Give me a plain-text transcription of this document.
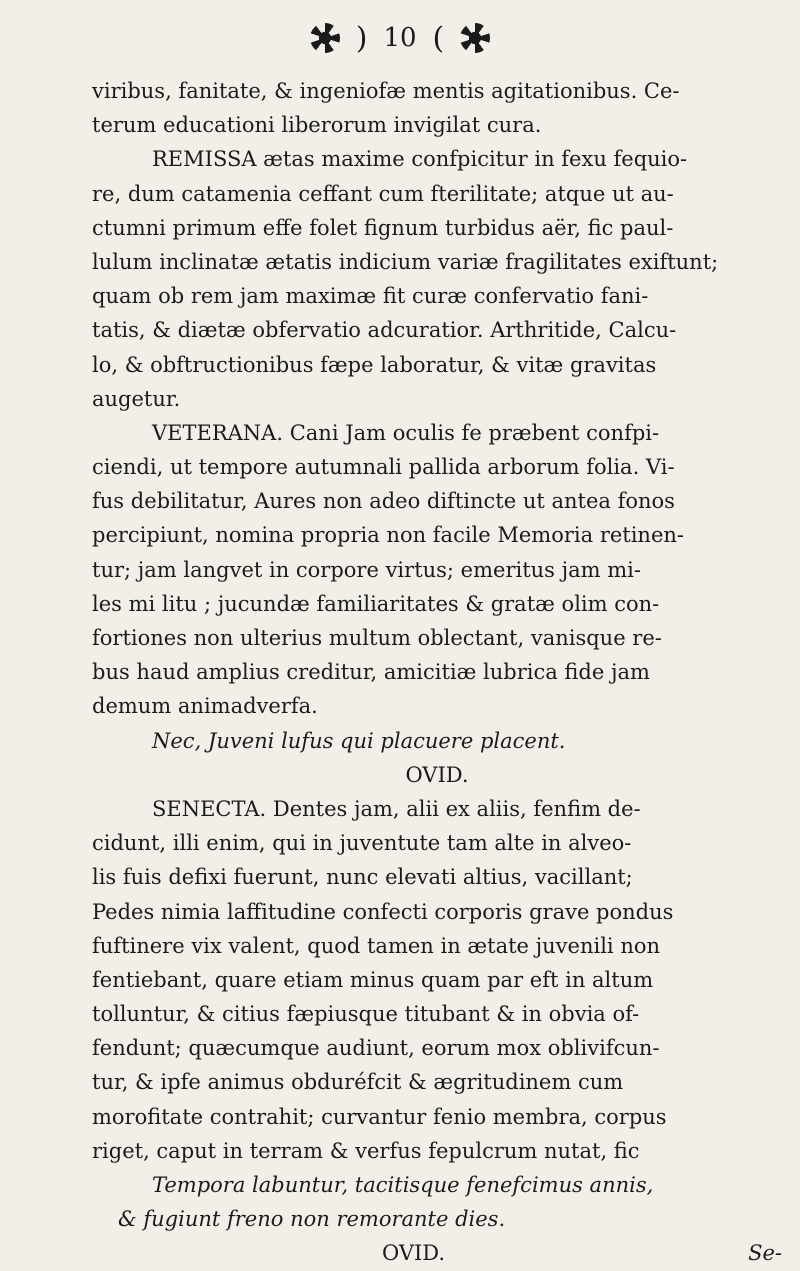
) 10 (
viribus, fanitate, & ingeniofæ mentis agitationibus. Ce-
terum educationi liberorum invigilat cura.
REMISSA ætas maxime confpicitur in fexu fequio-
re, dum catamenia ceffant cum fterilitate; atque ut au-
ctumni primum effe folet fignum turbidus aër, fic paul-
lulum inclinatæ ætatis indicium variæ fragilitates exiftunt;
quam ob rem jam maximæ fit curæ confervatio fani-
tatis, & diætæ obfervatio adcuratior. Arthritide, Calcu-
lo, & obftructionibus fæpe laboratur, & vitæ gravitas
augetur.
VETERANA. Cani Jam oculis fe præbent confpi-
ciendi, ut tempore autumnali pallida arborum folia. Vi-
fus debilitatur, Aures non adeo diftincte ut antea fonos
percipiunt, nomina propria non facile Memoria retinen-
tur; jam langvet in corpore virtus; emeritus jam mi-
les mi litu ; jucundæ familiaritates & gratæ olim con-
fortiones non ulterius multum oblectant, vanisque re-
bus haud amplius creditur, amicitiæ lubrica fide jam
demum animadverfa.
Nec, Juveni lufus qui placuere placent.
OVID.
SENECTA. Dentes jam, alii ex aliis, fenfim de-
cidunt, illi enim, qui in juventute tam alte in alveo-
lis fuis defixi fuerunt, nunc elevati altius, vacillant;
Pedes nimia laffitudine confecti corporis grave pondus
fuftinere vix valent, quod tamen in ætate juvenili non
fentiebant, quare etiam minus quam par eft in altum
tolluntur, & citius fæpiusque titubant & in obvia of-
fendunt; quæcumque audiunt, eorum mox oblivifcun-
tur, & ipfe animus obduréfcit & ægritudinem cum
morofitate contrahit; curvantur fenio membra, corpus
riget, caput in terram & verfus fepulcrum nutat, fic
Tempora labuntur, tacitisque fenefcimus annis,
& fugiunt freno non remorante dies.
OVID.	Se-
